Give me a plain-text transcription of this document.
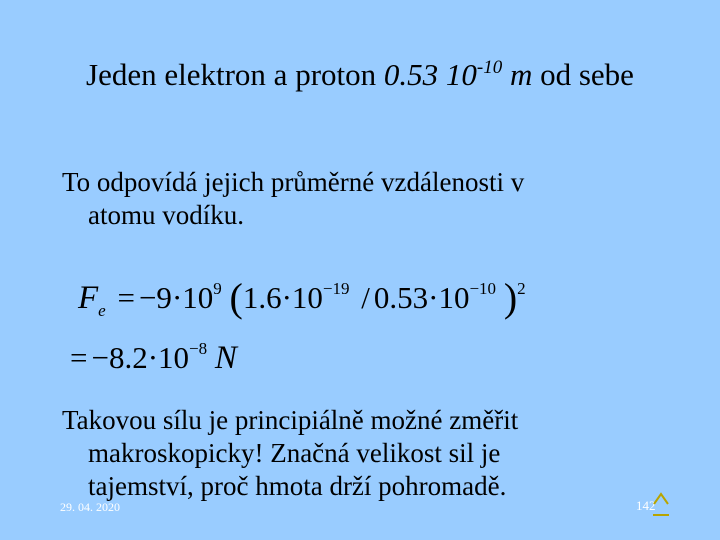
Jeden elektron a proton 0.53 $10^{-10}$ m od sebe
To odpovídá jejich průměrné vzdálenosti v
atomu vodíku.
$F_e = -9\cdot 10^9$ ($1.6\cdot 10^{-19} / 0.53\cdot 10^{-10}$ )$^2$
= $-8.2\cdot 10^{-8}$ N
Takovou sílu je principiálně možné změřit
makroskopicky! Značná velikost sil je
tajemství, proč hmota drží pohromadě.
29. 04. 2020	142
